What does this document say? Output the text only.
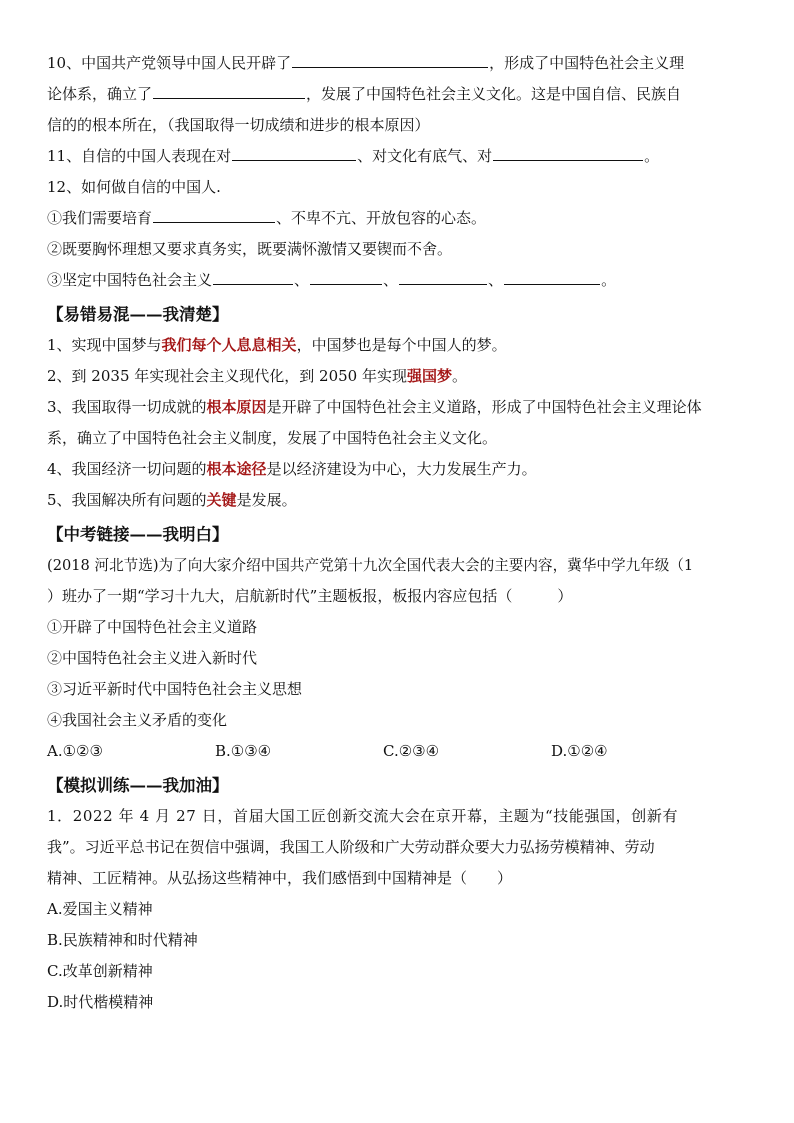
10、中国共产党领导中国人民开辟了	，形成了中国特色社会主义理
论体系，确立了	，发展了中国特色社会主义文化。这是中国自信、民族自
信的的根本所在，（我国取得一切成绩和进步的根本原因）
11、自信的中国人表现在对	、对文化有底气、对	。
12、如何做自信的中国人.
①我们需要培育	、不卑不亢、开放包容的心态。
②既要胸怀理想又要求真务实，既要满怀激情又要锲而不舍。
③坚定中国特色社会主义	、	、	、	。
【易错易混——我清楚】
1、实现中国梦与我们每个人息息相关，中国梦也是每个中国人的梦。
2、到 2035 年实现社会主义现代化，到 2050 年实现强国梦。
3、我国取得一切成就的根本原因是开辟了中国特色社会主义道路，形成了中国特色社会主义理论体
系，确立了中国特色社会主义制度，发展了中国特色社会主义文化。
4、我国经济一切问题的根本途径是以经济建设为中心，大力发展生产力。
5、我国解决所有问题的关键是发展。
【中考链接——我明白】
(2018 河北节选)为了向大家介绍中国共产党第十九次全国代表大会的主要内容，冀华中学九年级（1
）班办了一期“学习十九大，启航新时代”主题板报，板报内容应包括（　　　）
①开辟了中国特色社会主义道路
②中国特色社会主义进入新时代
③习近平新时代中国特色社会主义思想
④我国社会主义矛盾的变化
A.①②③	B.①③④	C.②③④	D.①②④
【模拟训练——我加油】
1．2022 年 4 月 27 日，首届大国工匠创新交流大会在京开幕，主题为“技能强国，创新有
我”。习近平总书记在贺信中强调，我国工人阶级和广大劳动群众要大力弘扬劳模精神、劳动
精神、工匠精神。从弘扬这些精神中，我们感悟到中国精神是（　　）
A.爱国主义精神
B.民族精神和时代精神
C.改革创新精神
D.时代楷模精神
